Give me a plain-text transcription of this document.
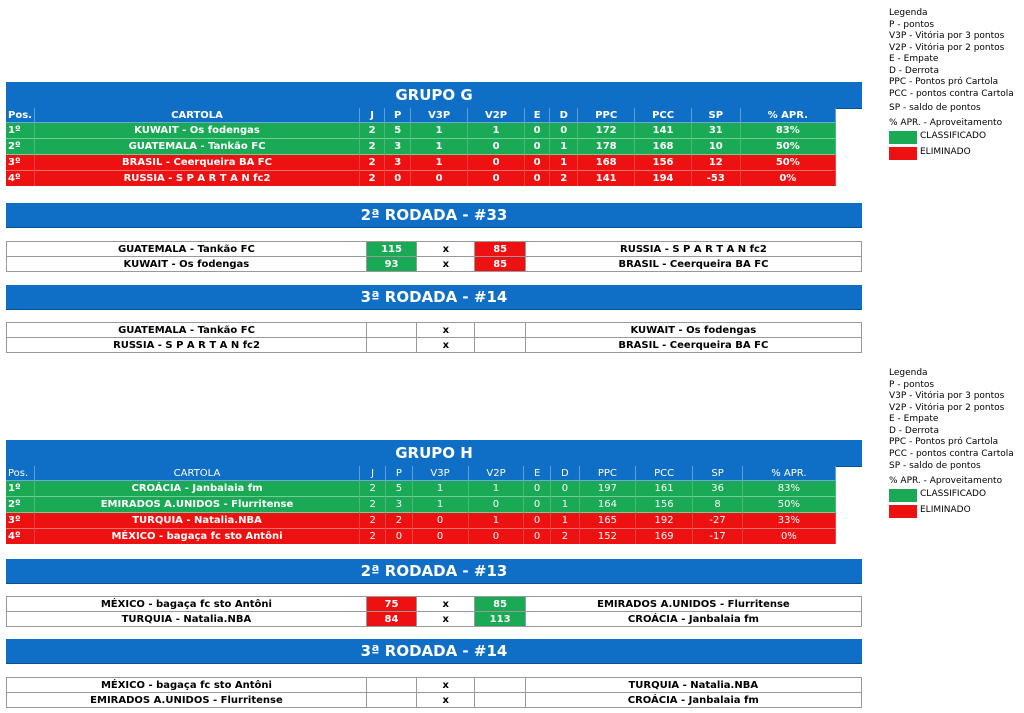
Legenda
P - pontos
V3P - Vitória por 3 pontos
V2P - Vitória por 2 pontos
E - Empate
D - Derrota
PPC - Pontos pró Cartola
PCC - pontos contra Cartola
SP - saldo de pontos
% APR. - Aproveitamento
CLASSIFICADO
ELIMINADO
Legenda
P - pontos
V3P - Vitória por 3 pontos
V2P - Vitória por 2 pontos
E - Empate
D - Derrota
PPC - Pontos pró Cartola
PCC - pontos contra Cartola
SP - saldo de pontos
% APR. - Aproveitamento
CLASSIFICADO
ELIMINADO
GRUPO G
Pos.	CARTOLA	J	P	V3P	V2P	E	D	PPC	PCC	SP	% APR.
1º	KUWAIT - Os fodengas	2	5	1	1	0	0	172	141	31	83%
2º	GUATEMALA - Tankão FC	2	3	1	0	0	1	178	168	10	50%
3º	BRASIL - Ceerqueira BA FC	2	3	1	0	0	1	168	156	12	50%
4º	RUSSIA - S P A R T A N fc2	2	0	0	0	0	2	141	194	-53	0%
2ª RODADA - #33
GUATEMALA - Tankão FC	115	x	85	RUSSIA - S P A R T A N fc2
KUWAIT - Os fodengas	93	x	85	BRASIL - Ceerqueira BA FC
3ª RODADA - #14
GUATEMALA - Tankão FC		x		KUWAIT - Os fodengas
RUSSIA - S P A R T A N fc2		x		BRASIL - Ceerqueira BA FC
GRUPO H
Pos.	CARTOLA	J	P	V3P	V2P	E	D	PPC	PCC	SP	% APR.
1º	CROÁCIA - Janbalaia fm	2	5	1	1	0	0	197	161	36	83%
2º	EMIRADOS A.UNIDOS - Flurritense	2	3	1	0	0	1	164	156	8	50%
3º	TURQUIA - Natalia.NBA	2	2	0	1	0	1	165	192	-27	33%
4º	MÉXICO - bagaça fc sto Antôni	2	0	0	0	0	2	152	169	-17	0%
2ª RODADA - #13
MÉXICO - bagaça fc sto Antôni	75	x	85	EMIRADOS A.UNIDOS - Flurritense
TURQUIA - Natalia.NBA	84	x	113	CROÁCIA - Janbalaia fm
3ª RODADA - #14
MÉXICO - bagaça fc sto Antôni		x		TURQUIA - Natalia.NBA
EMIRADOS A.UNIDOS - Flurritense		x		CROÁCIA - Janbalaia fm
